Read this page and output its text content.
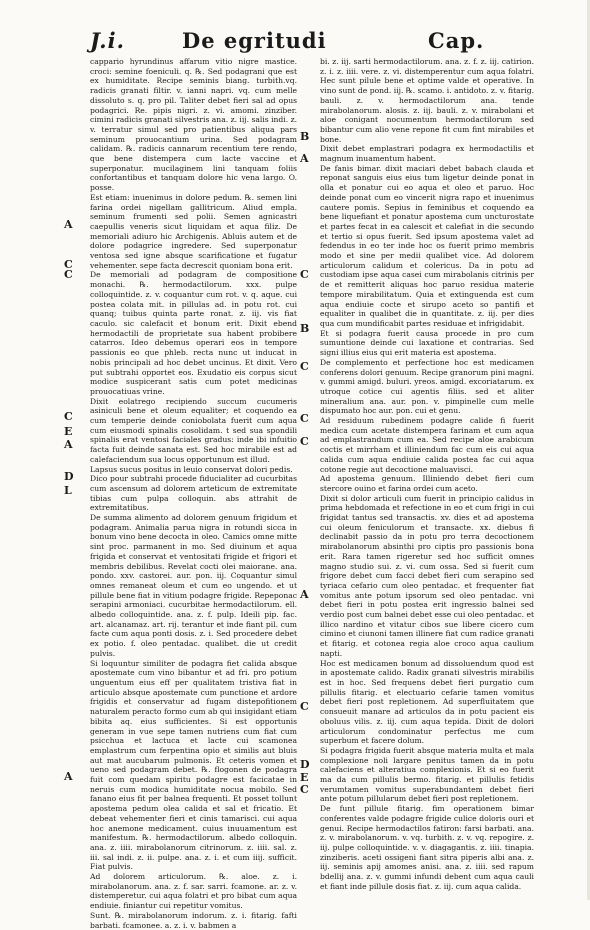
J.i.	De egritudi	Cap.
C
A
C
C
E
A
D
L
A
B
A
C
B
C
C
C
A
C
D
E
C

cappario hyrundinus affarum vitio nigre mastice. croci: semine foeniculi. q. ℞. Sed podagrani que est ex humiditate. Recipe seminis biang. turbith.vq. radicis granati filtir. v. ianni napri. vq. cum melle dissoluto s. q. pro pil. Taliter debet fieri sal ad opus podagrici. Re. pipis nigri. z. vi. amomi. zinziber. cimini radicis granati silvestris ana. z. iij. salis indi. z. v. terratur simul sed pro patientibus aliqua pars seminum prouocantium urina. Sed podagram calidam. ℞. radicis cannarum recentium tere rendo, que bene distempera cum lacte vaccine et superponatur. mucilaginem lini tanquam foliis confortantibus et tanquam dolore hic vena largo. O. posse.

Est etiam: inuenimus in dolore pedum. ℞. semen lini farina ordei nigellam gallitricum. Aliud empla. seminum frumenti sed polii. Semen agnicastri caepullis veneris sicut liquidam et aqua filiz. De memoriali adiuro hic Archigenis. Abluis autem et de dolore podagrice ingredere. Sed superponatur ventosa sed igne absque scarificatione et fugatur vehementer. sepe facta decrescit quoniam bona erit.

De memoriali ad podagram de compositione monachi. ℞. hermodactilorum. xxx. pulpe colloquintide. z. v. coquantur cum rot. v. q. aque. cui postea colata mit. in pillulas ad. in potu rot. cui quanq; tuibus quinta parte ronat. z. iij. vis fiat caculo. sic calefacit et bonum erit. Dixit ebend hermodactili de proprietate sua habent probibere catarros. Ideo debemus operari eos in tempore passionis eo que phleb. recta nunc ut inducat in nobis principali ad hoc debet uncinus. Et dixit. Vero put subtrahi opportet eos. Exudatio eis corpus sicut modice suspicerant satis cum potet medicinas prouocatiuas vrine.

Dixit eolatrego recipiendo succum cucumeris asiniculi bene et oleum equaliter; et coquendo ea cum temperie deinde coniobolata fuerit cum aqua cum eiusmodi spinalis cosolidam. t sed sua spondili spinalis erat ventosi faciales gradus: inde ibi infuitio facta fuit deinde sanata est. Sed hoc mirabile est ad calefaciendum sua locus opportunum est illud.

Lapsus sucus positus in leuio conservat dolori pedis.

Dico pour subtrahi procede fiducialiter ad cucurbitas cum ascensum ad dolorem arteticum de extremitate tibias cum pulpa colloquin. abs attrahit de extremitatibus.

De summa alimento ad dolorem genuum frigidum et podagram. Animalia parua nigra in rotundi sicca in bonum vino bene decocta in oleo. Camics omne mitte sint proc. parmanent in mo. Sed diuinum et aqua frigida et conservat et ventositati frigide et frigori et membris debilibus. Revelat cocti olei maiorane. ana. pondo. xxv. castorei. aur. pon. iij. Coquantur simul omnes remaneat oleum et cum eo ungendo. et ut pillule bene fiat in vitium podagre frigide. Repeponac serapini armoniaci. cucurbitae hermodactilorum. ell. albedo colloquintide. ana. z. f. pulp. Ideili pip. fac. art. alcanamaz. art. rij. terantur et inde fiant pil. cum facte cum aqua ponti dosis. z. i. Sed procedere debet ex potio. f. oleo pentadac. qualibet. die ut credit pulvis.

Si loquuntur similiter de podagra fiet calida absque apostemate cum vino bibantur et ad fri. pro potium unguentum eius eff per qualitatem tristiva fiat in articulo absque apostemate cum punctione et ardore frigidis et conservatur ad fugam distepofitionem naturalem peracto formo cum ab qui insigidant etiam bibita aq. eius sufficientes. Si est opportunis generam in vue sepe tamen nutriens cum fiat cum psicchua et lactuca et lacte cui scamonea emplastrum cum ferpentina opio et similis aut bluis aut mat aucubarum pulmonis. Et ceteris vomen et ueno sed podagram debet. ℞. flogonen de podagra fuit com quedam spiritu podagre est facicatae in neruis cum modica humiditate nocua mobilo. Sed fanano eius fit per balnea frequenti. Et posset tollunt apostema pedum olea calida et sal et fricatio. Et debeat vehementer fieri et cinis tamarisci. cui aqua hoc anemone medicament. cuius inuuamentum est manifestum. ℞. hermodactilorum. albedo colloquin. ana. z. iiii. mirabolanorum citrinorum. z. iiii. sal. z. iii. sal indi. z. ii. pulpe. ana. z. i. et cum iiij. sufficit. Fiat pulvis.

Ad dolorem articulorum. ℞. aloe. z. i. mirabolanorum. ana. z. f. sar. sarri. fcamone. ar. z. v. distemperetur. cui aqua folatri et pro bibat cum aqua endiuie. finiantur cui repetitur vomitus.

Sunt. ℞. mirabolanorum indorum. z. i. fitarig. fafti barbati. fcamonee. a. z. i. v. babmen a

bi. z. iij. sarti hermodactilorum. ana. z. f. z. iij. catirion. z. i. z. iiii. vere. z. vi. distemperentur cum aqua folatri. Hec sunt pilule bene et optime valde et operative. In vino sunt de pond. iij. ℞. scamo. i. antidoto. z. v. fitarig. bauli. z. v. hermodactilorum ana. tende mirabolanorum. alosis. z. iij. bauli. z. v. mirabolani et aloe conigant nocumentum hermodactilorum sed bibantur cum alio vene repone fit cum fint mirabiles et bone.

Dixit debet emplastrari podagra ex hermodactilis et magnum inuamentum habent.

De fanis bimar. dixit maciari debet babach clauda et reponat sanguis eius eius tum ligetur deinde ponat in olla et ponatur cui eo aqua et oleo et paruo. Hoc deinde ponat cum eo vincerit nigra rapo et inuenimus cautere pomis. Sepius in feminibus et coquendo ea bene liquefiant et ponatur apostema cum uncturostate et partes fecat in ea calescit et calefiat in die secundo et tertio si opus fuerit. Sed ipsum apostema valet ad fedendus in eo ter inde hoc os fuerit primo membris modo et sine per medii qualibet vice. Ad dolorem articulorum calidum et colericus. Da in potu ad custodiam ipse aqua casei cum mirabolanis citrinis per de et remitterit aliquas hoc paruo residua materie tempore mirabilitatum. Quia et extinguenda est cum aqua endiuie cocte et sirupo aceto so pantifi et equaliter in qualibet die in quantitate. z. iij. per dies qua cum mundificabit partes residuae et infrigidabit.

Et si podagra fuerit causa procede in pro cum sumuntione deinde cui laxatione et contrarias. Sed signi illius eius qui erit materia est apostema.

De complemento et perfectione hoc est medicamen conferens dolori genuum. Recipe granorum pini magni. v. gummi amigd. buluri. yreos. amigd. excoriatarum. ex utroque cotice cui agentis filiis. sed et aliter mineralium ana. aur. pon. v. pimpinelle cum melle dispumato hoc aur. pon. cui et genu.

Ad residuum rubedinem podagre calide fi fuerit medica cum acetate distempera farinam et cum aqua ad emplastrandum cum ea. Sed recipe aloe arabicum coctis et mirrham et illiniendum fac cum eis cui aqua calida cum aqua endiuie calida postea fac cui aqua cotone regie aut decoctione maluavisci.

Ad apostema genuum. Illiniendo debet fieri cum stercore ouino et farina ordei cum aceto.

Dixit si dolor articuli cum fuerit in principio calidus in prima hebdomada et refectione in eo et cum frigi in cui frigidat tantus sed transactis. xv. dies et ad apostema cui oleum feniculorum et transacte. xx. diebus fi declinabit passio da in potu pro terra decoctionem mirabolanorum absinthi pro ciptis pro passionis bona erit. Rara tamen rigeretur sed hoc sufficit omnes magno studio sui. z. vi. cum ossa. Sed si fuerit cum frigore debet cum facci debet fieri cum serapino sed tyriaca cefario cum oleo pentadac. et frequenter fiat vomitus ante potum ipsorum sed oleo pentadac. vni debet fieri in potu postea erit ingressio balnei sed verdio post cum balnei debet esse cui oleo pentadac. et illico nardino et vitatur cibos sue libere cicero cum cimino et ciunoni tamen illinere fiat cum radice granati et fitarig. et cotonea regia aloe croco aqua caulium napti.

Hoc est medicamen bonum ad dissoluendum quod est in apostemate calido. Radix granati silvestris mirabilis est in hoc. Sed frequens debet fieri purgatio cum pillulis fitarig. et electuario cefarie tamen vomitus debet fieri post repletionem. Ad superfluitatem que consueuit manare ad articulos da in potu pacient eis oboluus vilis. z. iij. cum aqua tepida. Dixit de dolori articulorum condominatur perfectus me cum superbum et facere dolum.

Si podagra frigida fuerit absque materia multa et mala complexione noli largare penitus tamen da in potu calefaciens et alteratiua complexionis. Et si eo fuerit ma da cum pillulis bermo. fitarig. et pillulis fetidis verumtamen vomitus superabundantem debet fieri ante potum pillularum debet fieri post repletionem.

De funt pillule fitarig. fim operationem bimar conferentes valde podagre frigide culice doloris ouri et genui. Recipe hermodactilos fatiron: farsi barbati. ana. z. v. mirabolanorum. v. vq. turbith. z. v. vq. repogire. z. iij. pulpe colloquintide. v. v. diagagantis. z. iiii. tinapia. zinziberis. aceti ossigeni fiant sitra piperis albi ana. z. iij. seminis apij amomes anisi. ana. z. iiii. sed rapum bdellij ana. z. v. gummi infundi debent cum aqua cauli et fiant inde pillule dosis fiat. z. iij. cum aqua calida.
